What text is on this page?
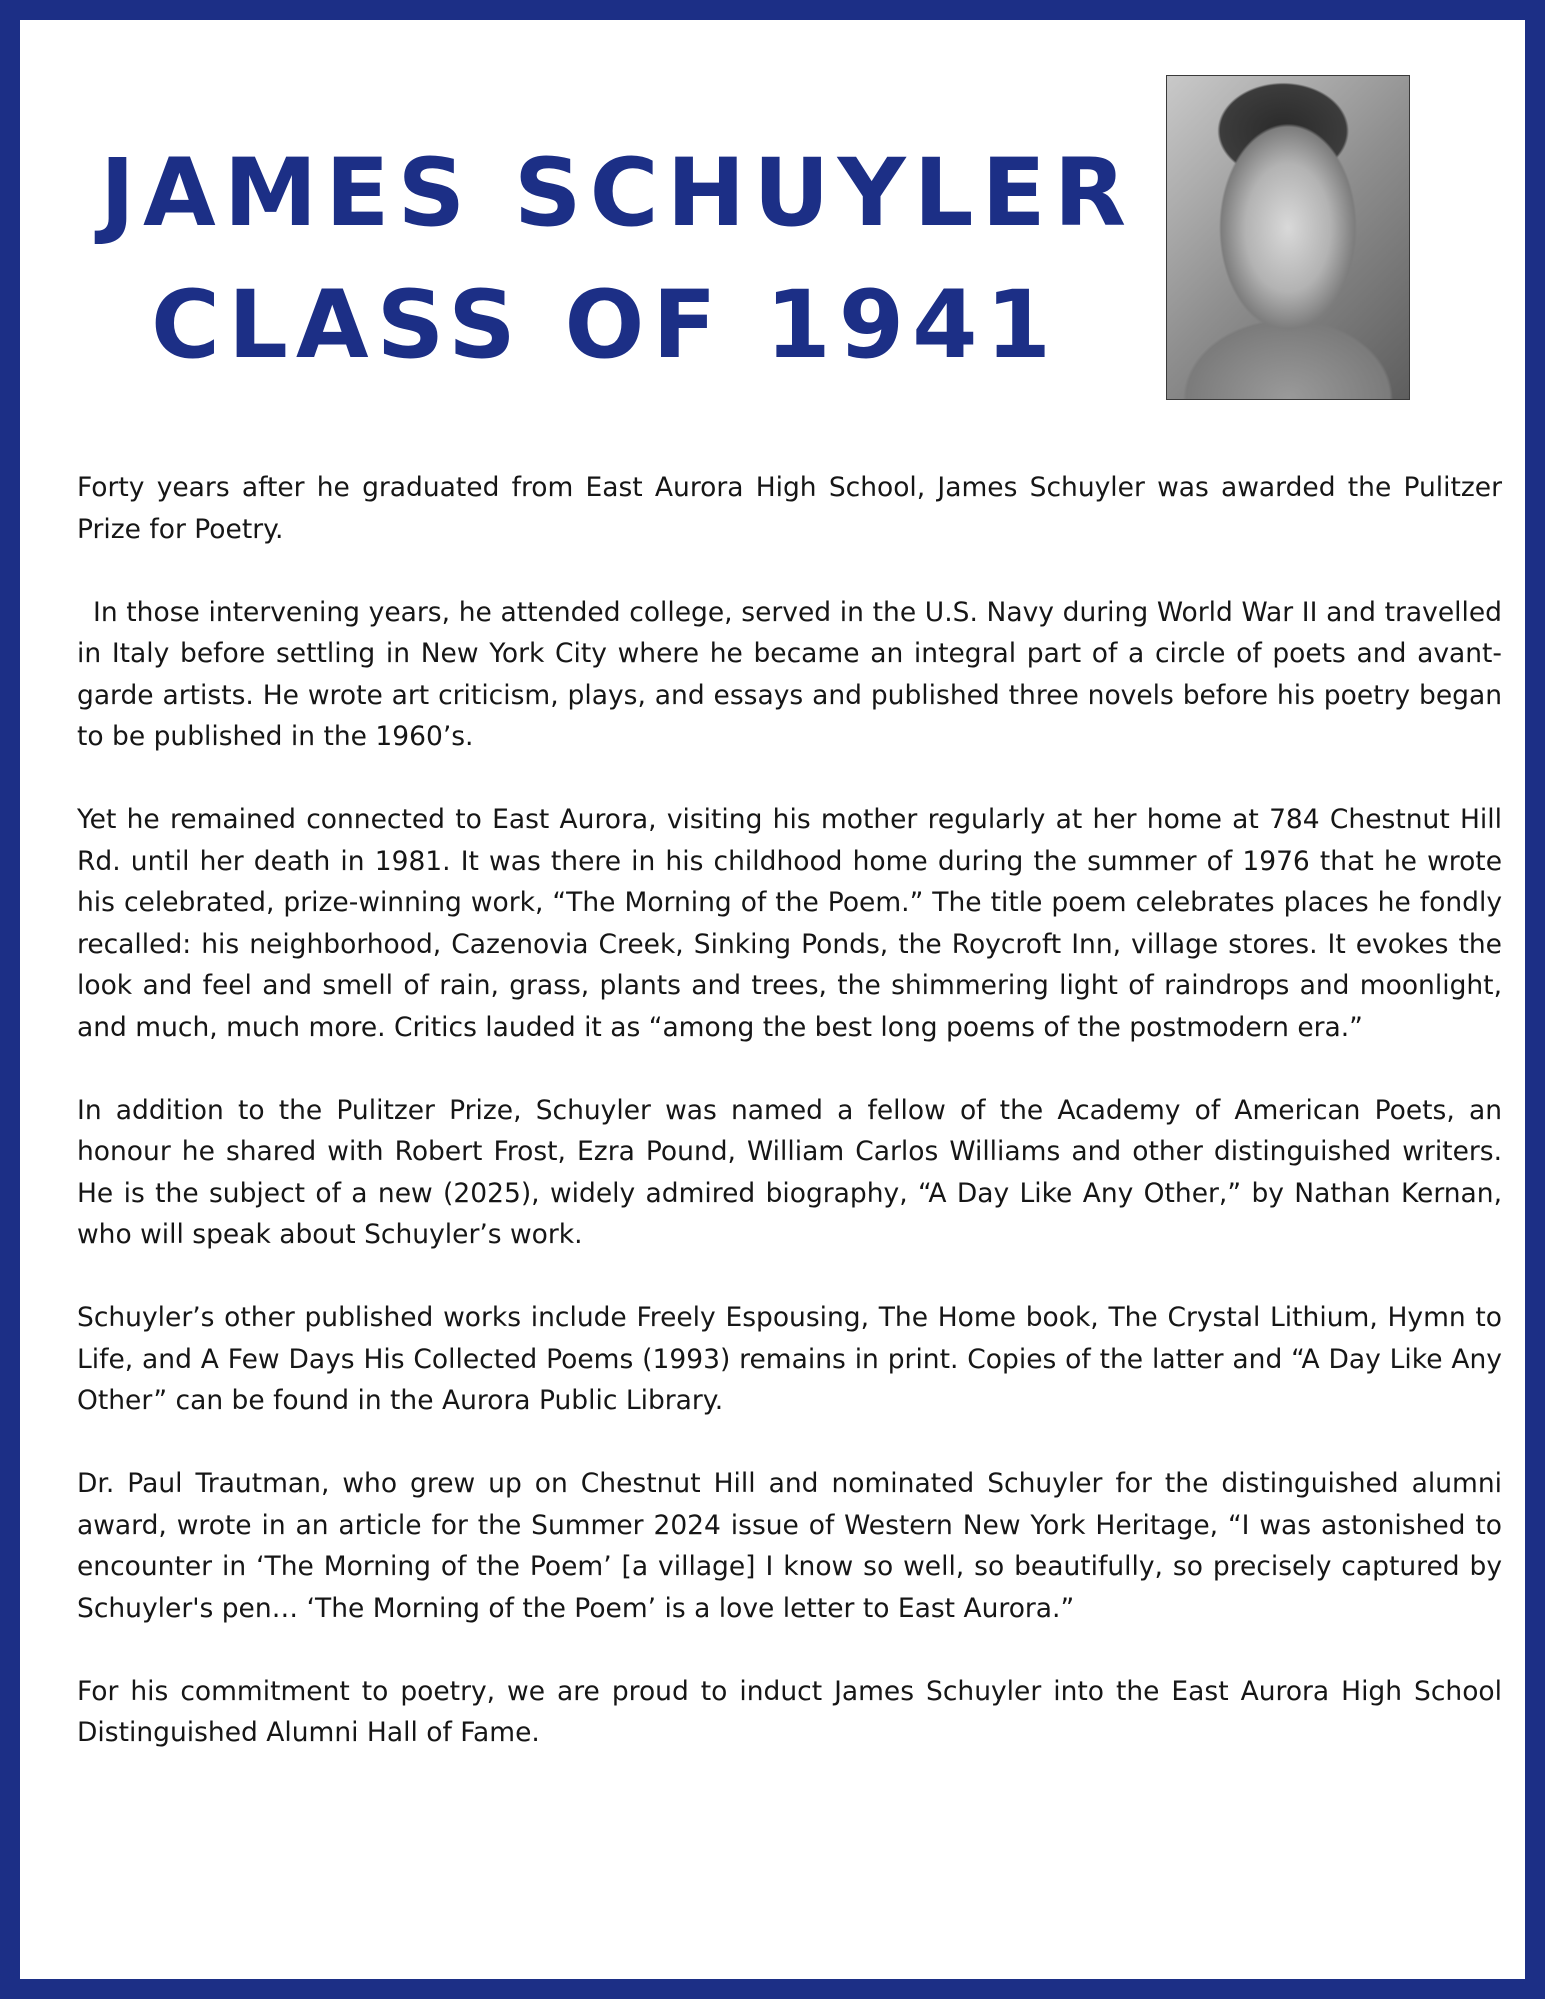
JAMES SCHUYLER
CLASS OF 1941

Forty years after he graduated from East Aurora High School, James Schuyler was awarded the Pulitzer Prize for Poetry.

In those intervening years, he attended college, served in the U.S. Navy during World War II and travelled in Italy before settling in New York City where he became an integral part of a circle of poets and avant-garde artists. He wrote art criticism, plays, and essays and published three novels before his poetry began to be published in the 1960’s.

Yet he remained connected to East Aurora, visiting his mother regularly at her home at 784 Chestnut Hill Rd. until her death in 1981. It was there in his childhood home during the summer of 1976 that he wrote his celebrated, prize-winning work, “The Morning of the Poem.” The title poem celebrates places he fondly recalled: his neighborhood, Cazenovia Creek, Sinking Ponds, the Roycroft Inn, village stores. It evokes the look and feel and smell of rain, grass, plants and trees, the shimmering light of raindrops and moonlight, and much, much more. Critics lauded it as “among the best long poems of the postmodern era.”

In addition to the Pulitzer Prize, Schuyler was named a fellow of the Academy of American Poets, an honour he shared with Robert Frost, Ezra Pound, William Carlos Williams and other distinguished writers. He is the subject of a new (2025), widely admired biography, “A Day Like Any Other,” by Nathan Kernan, who will speak about Schuyler’s work.

Schuyler’s other published works include Freely Espousing, The Home book, The Crystal Lithium, Hymn to Life, and A Few Days His Collected Poems (1993) remains in print. Copies of the latter and “A Day Like Any Other” can be found in the Aurora Public Library.

Dr. Paul Trautman, who grew up on Chestnut Hill and nominated Schuyler for the distinguished alumni award, wrote in an article for the Summer 2024 issue of Western New York Heritage, “I was astonished to encounter in ‘The Morning of the Poem’ [a village] I know so well, so beautifully, so precisely captured by Schuyler's pen… ‘The Morning of the Poem’ is a love letter to East Aurora.”

For his commitment to poetry, we are proud to induct James Schuyler into the East Aurora High School Distinguished Alumni Hall of Fame.
